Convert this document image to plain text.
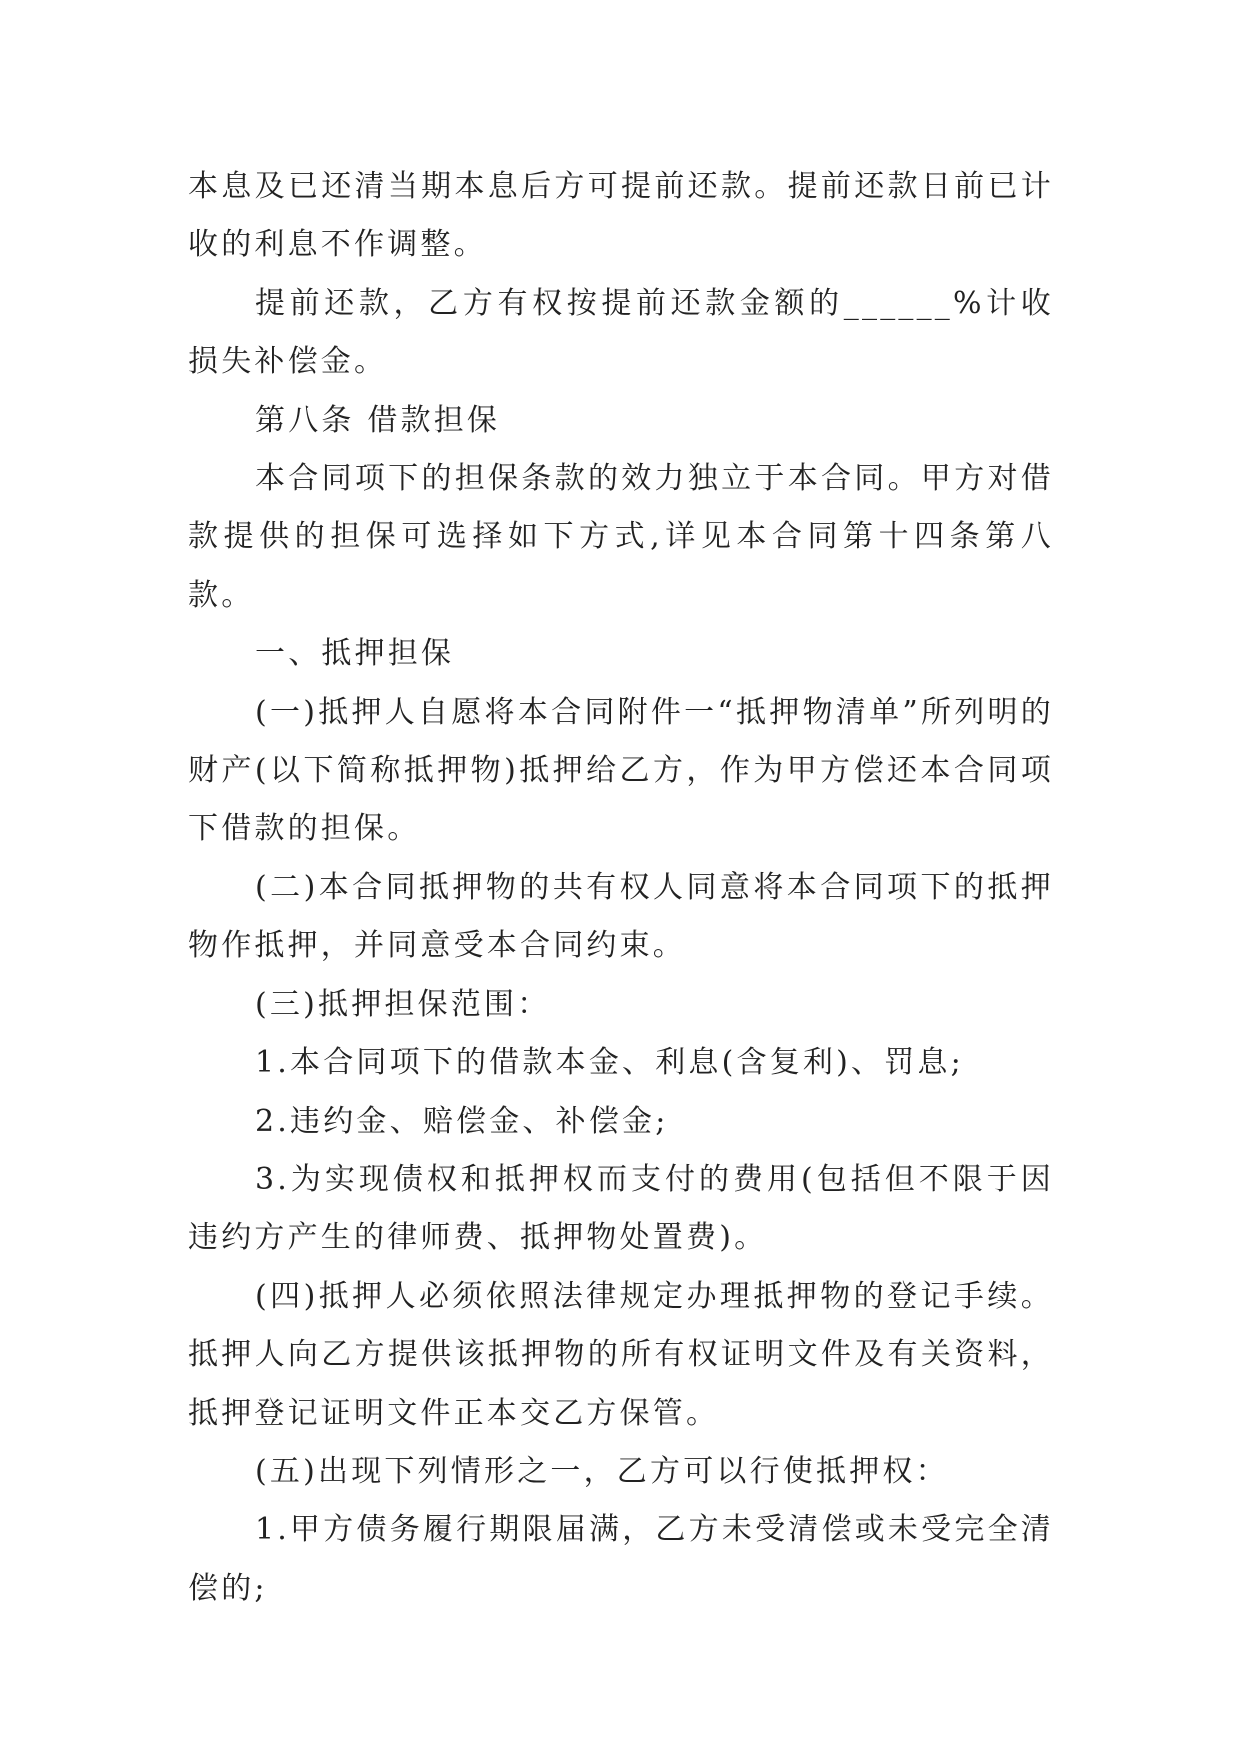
本息及已还清当期本息后方可提前还款。提前还款日前已计收的利息不作调整。

提前还款，乙方有权按提前还款金额的______%计收损失补偿金。

第八条 借款担保

本合同项下的担保条款的效力独立于本合同。甲方对借款提供的担保可选择如下方式,详见本合同第十四条第八款。

一、抵押担保

(一)抵押人自愿将本合同附件一“抵押物清单”所列明的财产(以下简称抵押物)抵押给乙方，作为甲方偿还本合同项下借款的担保。

(二)本合同抵押物的共有权人同意将本合同项下的抵押物作抵押，并同意受本合同约束。

(三)抵押担保范围：

1.本合同项下的借款本金、利息(含复利)、罚息;

2.违约金、赔偿金、补偿金;

3.为实现债权和抵押权而支付的费用(包括但不限于因违约方产生的律师费、抵押物处置费)。

(四)抵押人必须依照法律规定办理抵押物的登记手续。抵押人向乙方提供该抵押物的所有权证明文件及有关资料，抵押登记证明文件正本交乙方保管。

(五)出现下列情形之一，乙方可以行使抵押权：

1.甲方债务履行期限届满，乙方未受清偿或未受完全清偿的;
